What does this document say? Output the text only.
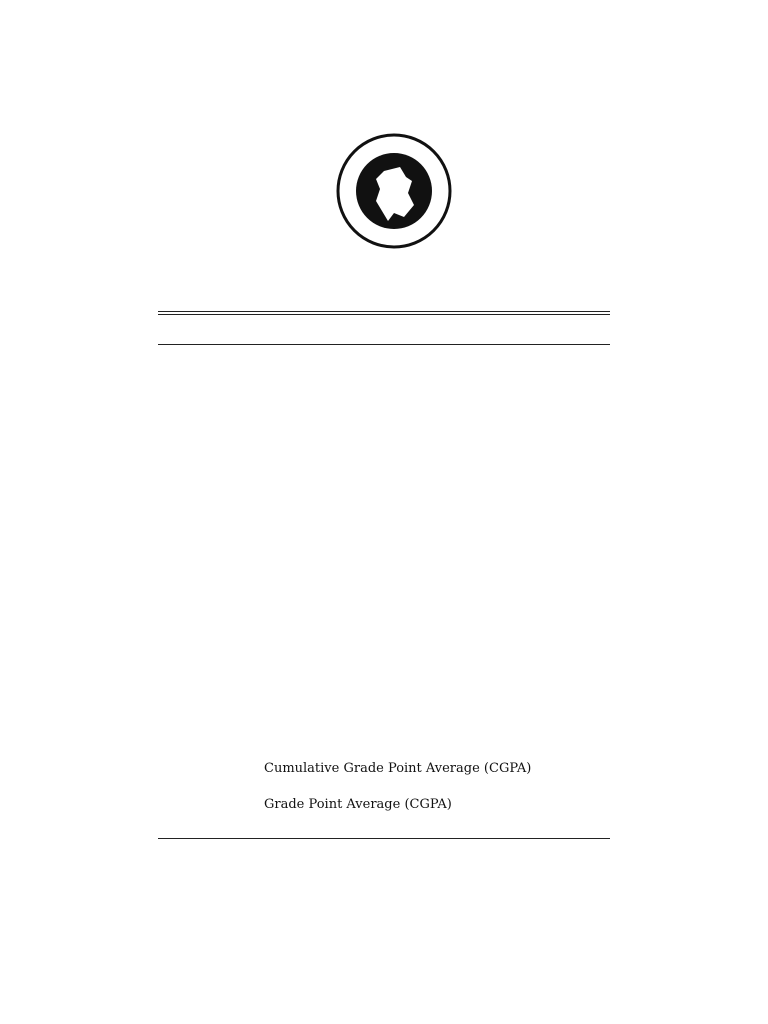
Cumulative Grade Point Average (CGPA)
Grade Point Average (CGPA)
